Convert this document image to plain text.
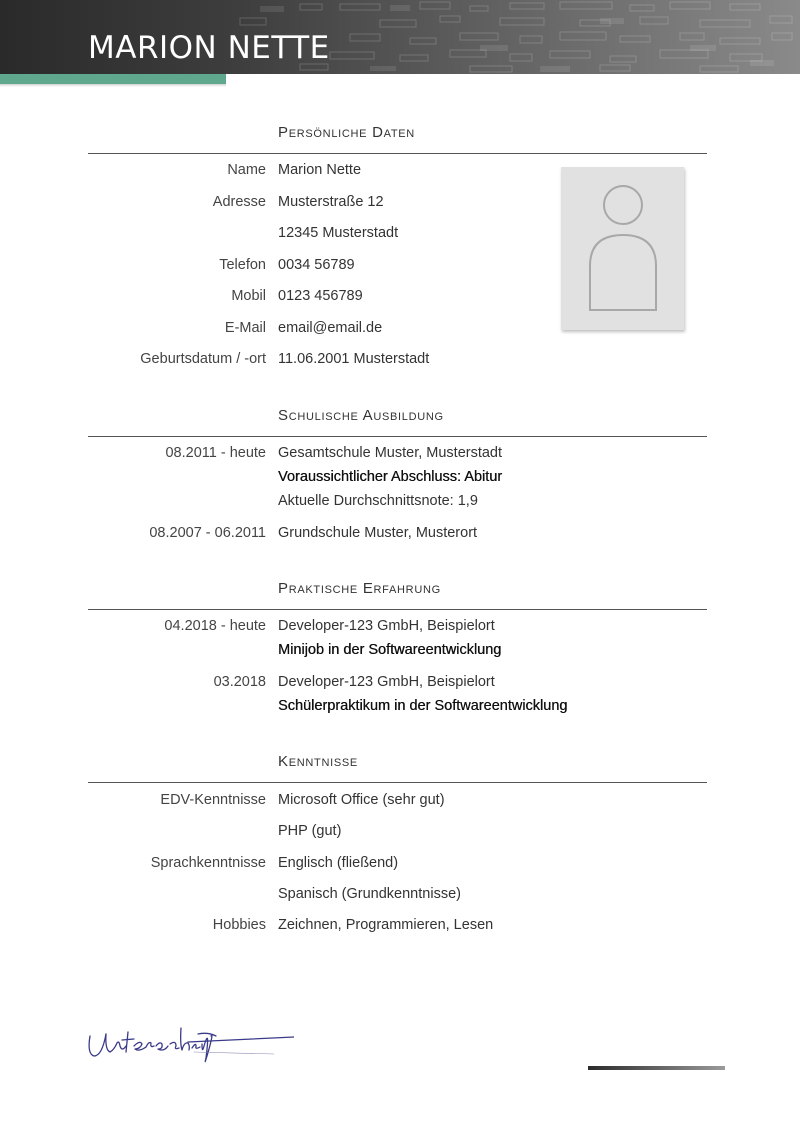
MARION NETTE
Persönliche Daten
Name Marion Nette
Adresse Musterstraße 12
12345 Musterstadt
Telefon 0034 56789
Mobil 0123 456789
E-Mail email@email.de
Geburtsdatum / -ort 11.06.2001 Musterstadt
Schulische Ausbildung
08.2011 - heute Gesamtschule Muster, Musterstadt
Voraussichtlicher Abschluss: Abitur
Aktuelle Durchschnittsnote: 1,9
08.2007 - 06.2011 Grundschule Muster, Musterort
Praktische Erfahrung
04.2018 - heute Developer-123 GmbH, Beispielort
Minijob in der Softwareentwicklung
03.2018 Developer-123 GmbH, Beispielort
Schülerpraktikum in der Softwareentwicklung
Kenntnisse
EDV-Kenntnisse Microsoft Office (sehr gut)
PHP (gut)
Sprachkenntnisse Englisch (fließend)
Spanisch (Grundkenntnisse)
Hobbies Zeichnen, Programmieren, Lesen
